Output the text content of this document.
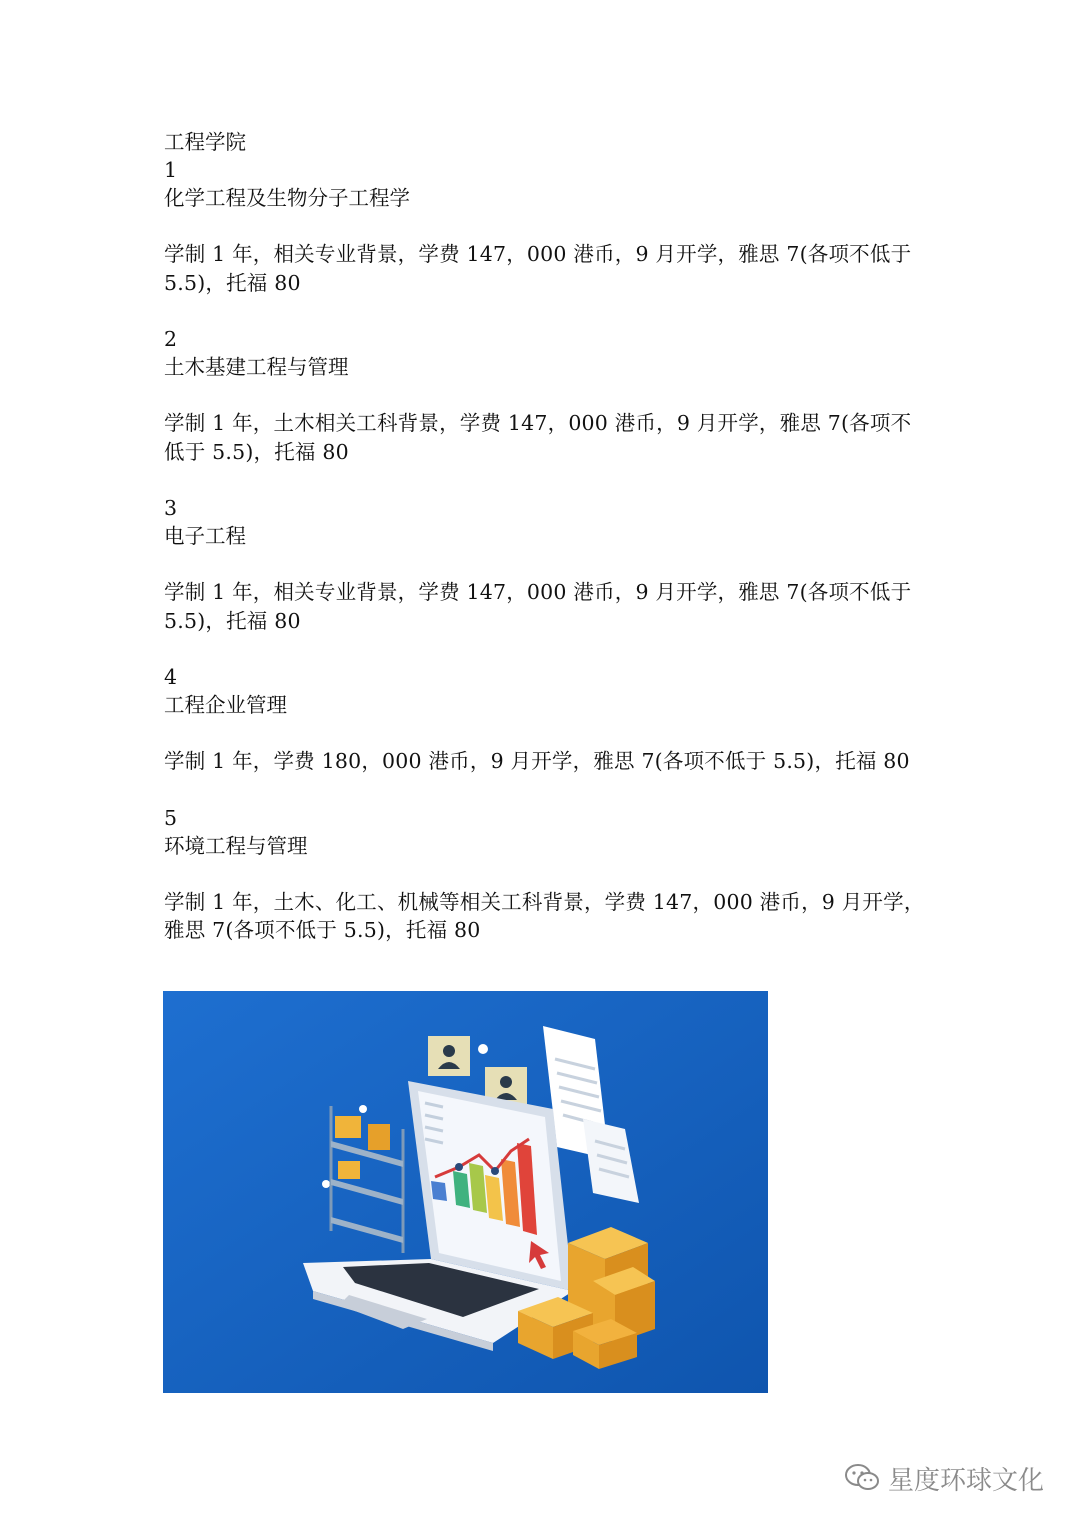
工程学院

1

化学工程及生物分子工程学

学制 1 年，相关专业背景，学费 147，000 港币，9 月开学，雅思 7(各项不低于
5.5)，托福 80

2

土木基建工程与管理

学制 1 年，土木相关工科背景，学费 147，000 港币，9 月开学，雅思 7(各项不
低于 5.5)，托福 80

3

电子工程

学制 1 年，相关专业背景，学费 147，000 港币，9 月开学，雅思 7(各项不低于
5.5)，托福 80

4

工程企业管理

学制 1 年，学费 180，000 港币，9 月开学，雅思 7(各项不低于 5.5)，托福 80

5

环境工程与管理

学制 1 年，土木、化工、机械等相关工科背景，学费 147，000 港币，9 月开学，
雅思 7(各项不低于 5.5)，托福 80
星度环球文化
